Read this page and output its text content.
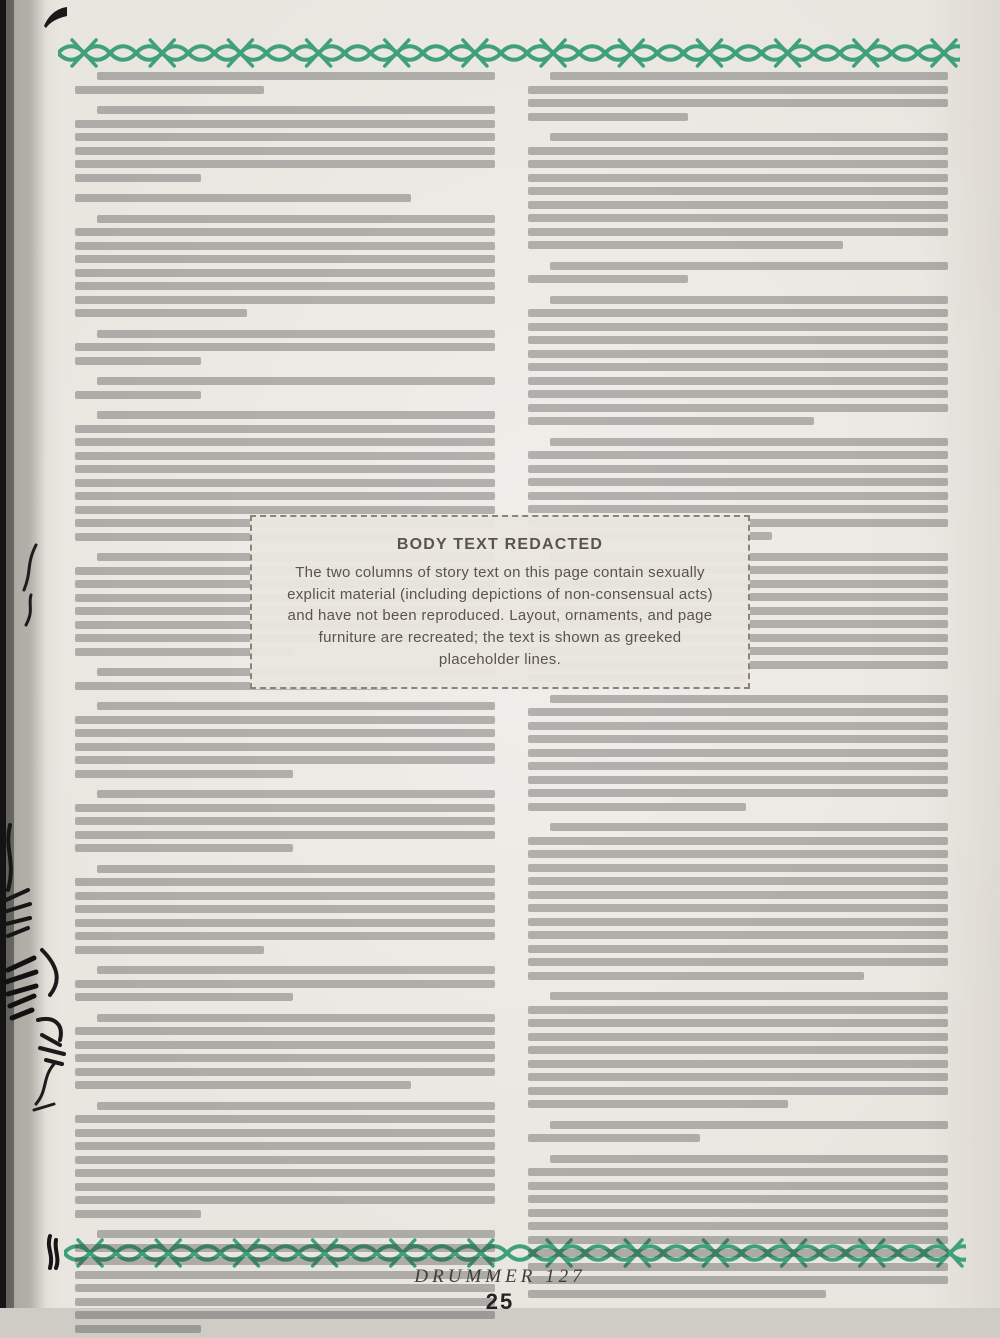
BODY TEXT REDACTED
The two columns of story text on this page contain sexually explicit material (including depictions of non-consensual acts) and have not been reproduced. Layout, ornaments, and page furniture are recreated; the text is shown as greeked placeholder lines.
DRUMMER 127
25
